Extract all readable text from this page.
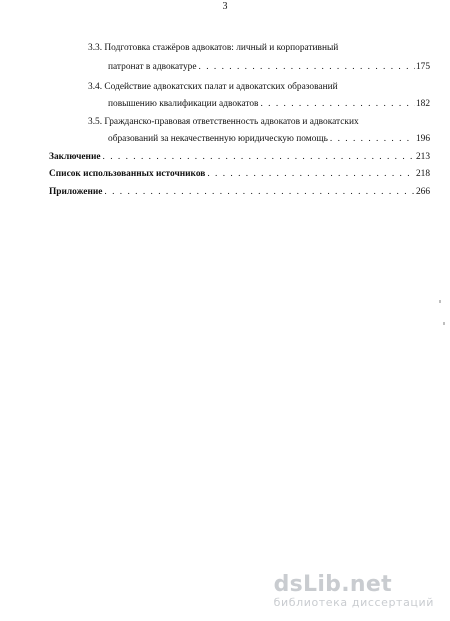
3
3.3. Подготовка стажёров адвокатов: личный и корпоративный
патронат в адвокатуре . . .	175
3.4. Содействие адвокатских палат и адвокатских образований
повышению квалификации адвокатов . . .	182
3.5. Гражданско-правовая ответственность адвокатов и адвокатских
образований за некачественную юридическую помощь . . .	196
Заключение . . .	213
Список использованных источников . . .	218
Приложение . . .	266
dsLib.net
библиотека диссертаций
